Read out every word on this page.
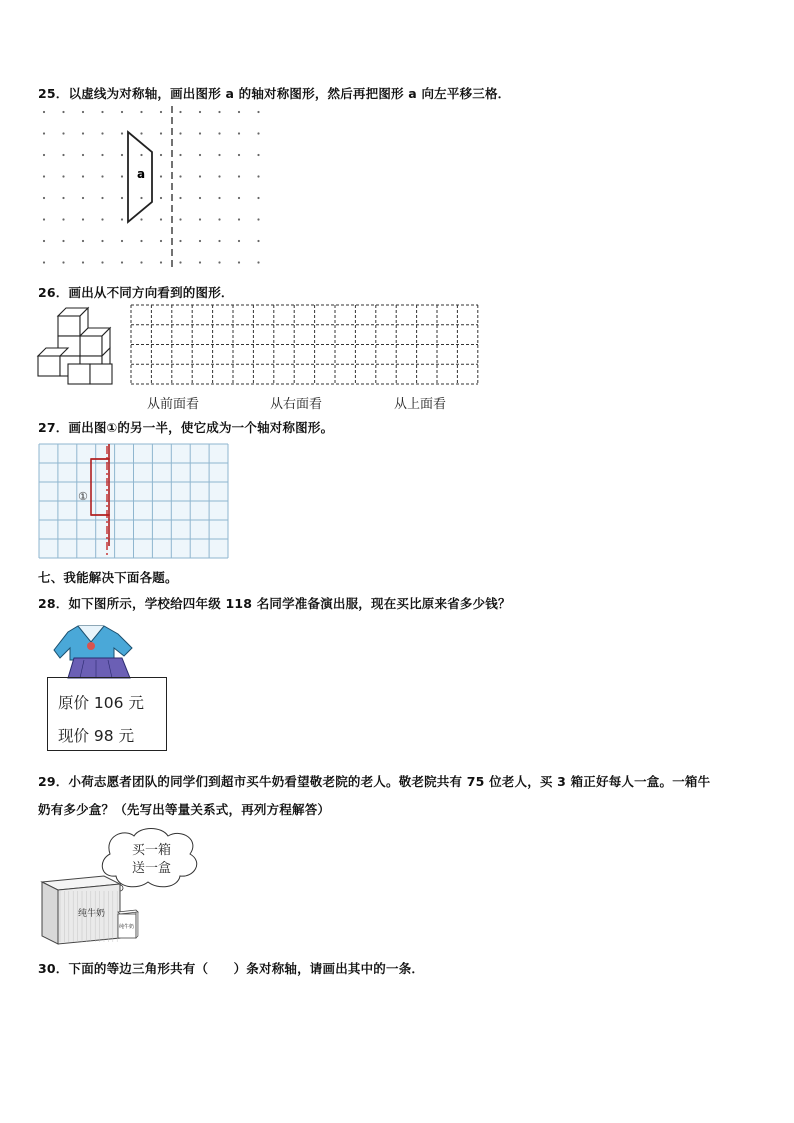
25．以虚线为对称轴，画出图形 a 的轴对称图形，然后再把图形 a 向左平移三格．
a
26．画出从不同方向看到的图形．
从前面看	从右面看	从上面看
27．画出图①的另一半，使它成为一个轴对称图形。
①
七、我能解决下面各题。
28．如下图所示，学校给四年级 118 名同学准备演出服，现在买比原来省多少钱？
原价 106 元
现价 98 元
29．小荷志愿者团队的同学们到超市买牛奶看望敬老院的老人。敬老院共有 75 位老人，买 3 箱正好每人一盒。一箱牛
奶有多少盒？（先写出等量关系式，再列方程解答）
买一箱
送一盒
纯牛奶
纯牛奶
30．下面的等边三角形共有（　　）条对称轴，请画出其中的一条．
